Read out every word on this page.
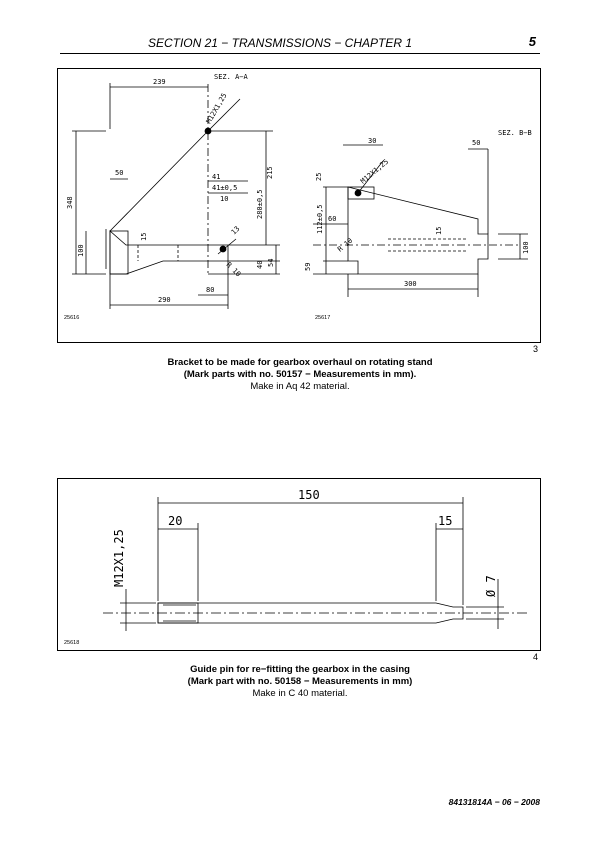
SECTION 21 − TRANSMISSIONS − CHAPTER 1	5
SEZ. A−A
239
50
348
100
15
M12X1,25
41
41±0,5
10
215
280±0,5
13
R 10 40 54
80
290
25616
SEZ. B−B
30
M12X1,25
50
25
112±0,5 60
15
R 10
59
100
300
25617
3
Bracket to be made for gearbox overhaul on rotating stand
(Mark parts with no. 50157 − Measurements in mm).
Make in Aq 42 material.
150
20	15
M12X1,25	Ø 7
25618
4
Guide pin for re−fitting the gearbox in the casing
(Mark part with no. 50158 − Measurements in mm)
Make in C 40 material.
84131814A − 06 − 2008
